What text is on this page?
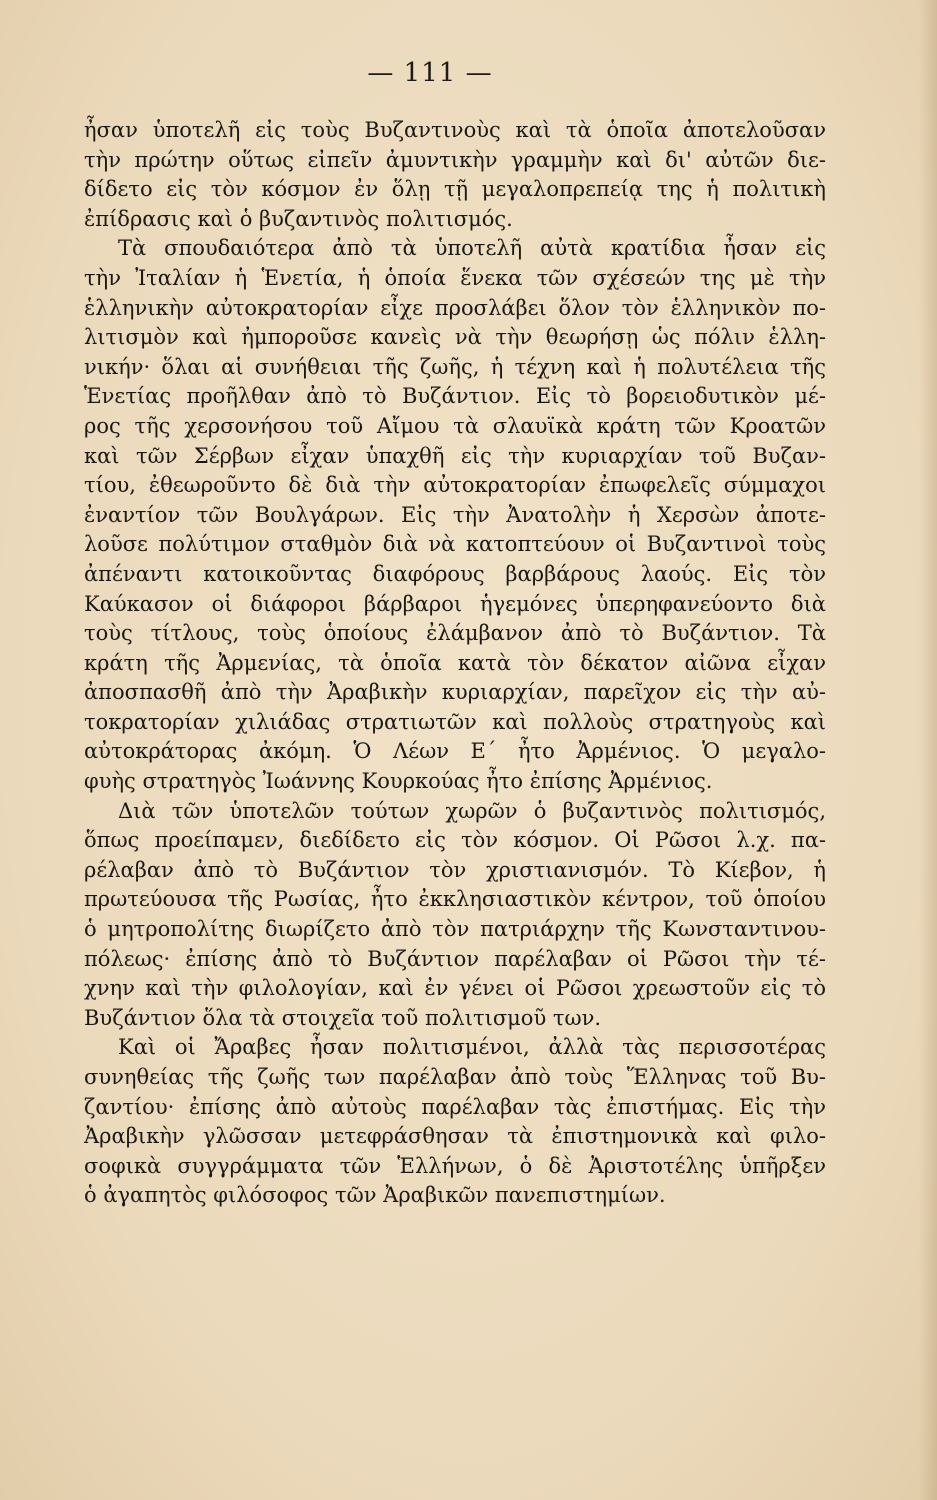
— 111 —

ἦσαν ὑποτελῆ εἰς τοὺς Βυζαντινοὺς καὶ τὰ ὁποῖα ἀποτελοῦσαν
τὴν πρώτην οὕτως εἰπεῖν ἀμυντικὴν γραμμὴν καὶ δι' αὐτῶν διε-
δίδετο εἰς τὸν κόσμον ἐν ὅλῃ τῇ μεγαλοπρεπείᾳ της ἡ πολιτικὴ
ἐπίδρασις καὶ ὁ βυζαντινὸς πολιτισμός.

Τὰ σπουδαιότερα ἀπὸ τὰ ὑποτελῆ αὐτὰ κρατίδια ἦσαν εἰς
τὴν Ἰταλίαν ἡ Ἑνετία, ἡ ὁποία ἕνεκα τῶν σχέσεών της μὲ τὴν
ἑλληνικὴν αὐτοκρατορίαν εἶχε προσλάβει ὅλον τὸν ἑλληνικὸν πο-
λιτισμὸν καὶ ἠμποροῦσε κανεὶς νὰ τὴν θεωρήσῃ ὡς πόλιν ἑλλη-
νικήν· ὅλαι αἱ συνήθειαι τῆς ζωῆς, ἡ τέχνη καὶ ἡ πολυτέλεια τῆς
Ἑνετίας προῆλθαν ἀπὸ τὸ Βυζάντιον. Εἰς τὸ βορειοδυτικὸν μέ-
ρος τῆς χερσονήσου τοῦ Αἴμου τὰ σλαυϊκὰ κράτη τῶν Κροατῶν
καὶ τῶν Σέρβων εἶχαν ὑπαχθῆ εἰς τὴν κυριαρχίαν τοῦ Βυζαν-
τίου, ἐθεωροῦντο δὲ διὰ τὴν αὐτοκρατορίαν ἐπωφελεῖς σύμμαχοι
ἐναντίον τῶν Βουλγάρων. Εἰς τὴν Ἀνατολὴν ἡ Χερσὼν ἀποτε-
λοῦσε πολύτιμον σταθμὸν διὰ νὰ κατοπτεύουν οἱ Βυζαντινοὶ τοὺς
ἀπέναντι κατοικοῦντας διαφόρους βαρβάρους λαούς. Εἰς τὸν
Καύκασον οἱ διάφοροι βάρβαροι ἡγεμόνες ὑπερηφανεύοντο διὰ
τοὺς τίτλους, τοὺς ὁποίους ἐλάμβανον ἀπὸ τὸ Βυζάντιον. Τὰ
κράτη τῆς Ἀρμενίας, τὰ ὁποῖα κατὰ τὸν δέκατον αἰῶνα εἶχαν
ἀποσπασθῆ ἀπὸ τὴν Ἀραβικὴν κυριαρχίαν, παρεῖχον εἰς τὴν αὐ-
τοκρατορίαν χιλιάδας στρατιωτῶν καὶ πολλοὺς στρατηγοὺς καὶ
αὐτοκράτορας ἀκόμη. Ὁ Λέων Ε΄ ἦτο Ἀρμένιος. Ὁ μεγαλο-
φυὴς στρατηγὸς Ἰωάννης Κουρκούας ἦτο ἐπίσης Ἀρμένιος.

Διὰ τῶν ὑποτελῶν τούτων χωρῶν ὁ βυζαντινὸς πολιτισμός,
ὅπως προείπαμεν, διεδίδετο εἰς τὸν κόσμον. Οἱ Ρῶσοι λ.χ. πα-
ρέλαβαν ἀπὸ τὸ Βυζάντιον τὸν χριστιανισμόν. Τὸ Κίεβον, ἡ
πρωτεύουσα τῆς Ρωσίας, ἦτο ἐκκλησιαστικὸν κέντρον, τοῦ ὁποίου
ὁ μητροπολίτης διωρίζετο ἀπὸ τὸν πατριάρχην τῆς Κωνσταντινου-
πόλεως· ἐπίσης ἀπὸ τὸ Βυζάντιον παρέλαβαν οἱ Ρῶσοι τὴν τέ-
χνην καὶ τὴν φιλολογίαν, καὶ ἐν γένει οἱ Ρῶσοι χρεωστοῦν εἰς τὸ
Βυζάντιον ὅλα τὰ στοιχεῖα τοῦ πολιτισμοῦ των.

Καὶ οἱ Ἄραβες ἦσαν πολιτισμένοι, ἀλλὰ τὰς περισσοτέρας
συνηθείας τῆς ζωῆς των παρέλαβαν ἀπὸ τοὺς Ἕλληνας τοῦ Βυ-
ζαντίου· ἐπίσης ἀπὸ αὐτοὺς παρέλαβαν τὰς ἐπιστήμας. Εἰς τὴν
Ἀραβικὴν γλῶσσαν μετεφράσθησαν τὰ ἐπιστημονικὰ καὶ φιλο-
σοφικὰ συγγράμματα τῶν Ἑλλήνων, ὁ δὲ Ἀριστοτέλης ὑπῆρξεν
ὁ ἀγαπητὸς φιλόσοφος τῶν Ἀραβικῶν πανεπιστημίων.
